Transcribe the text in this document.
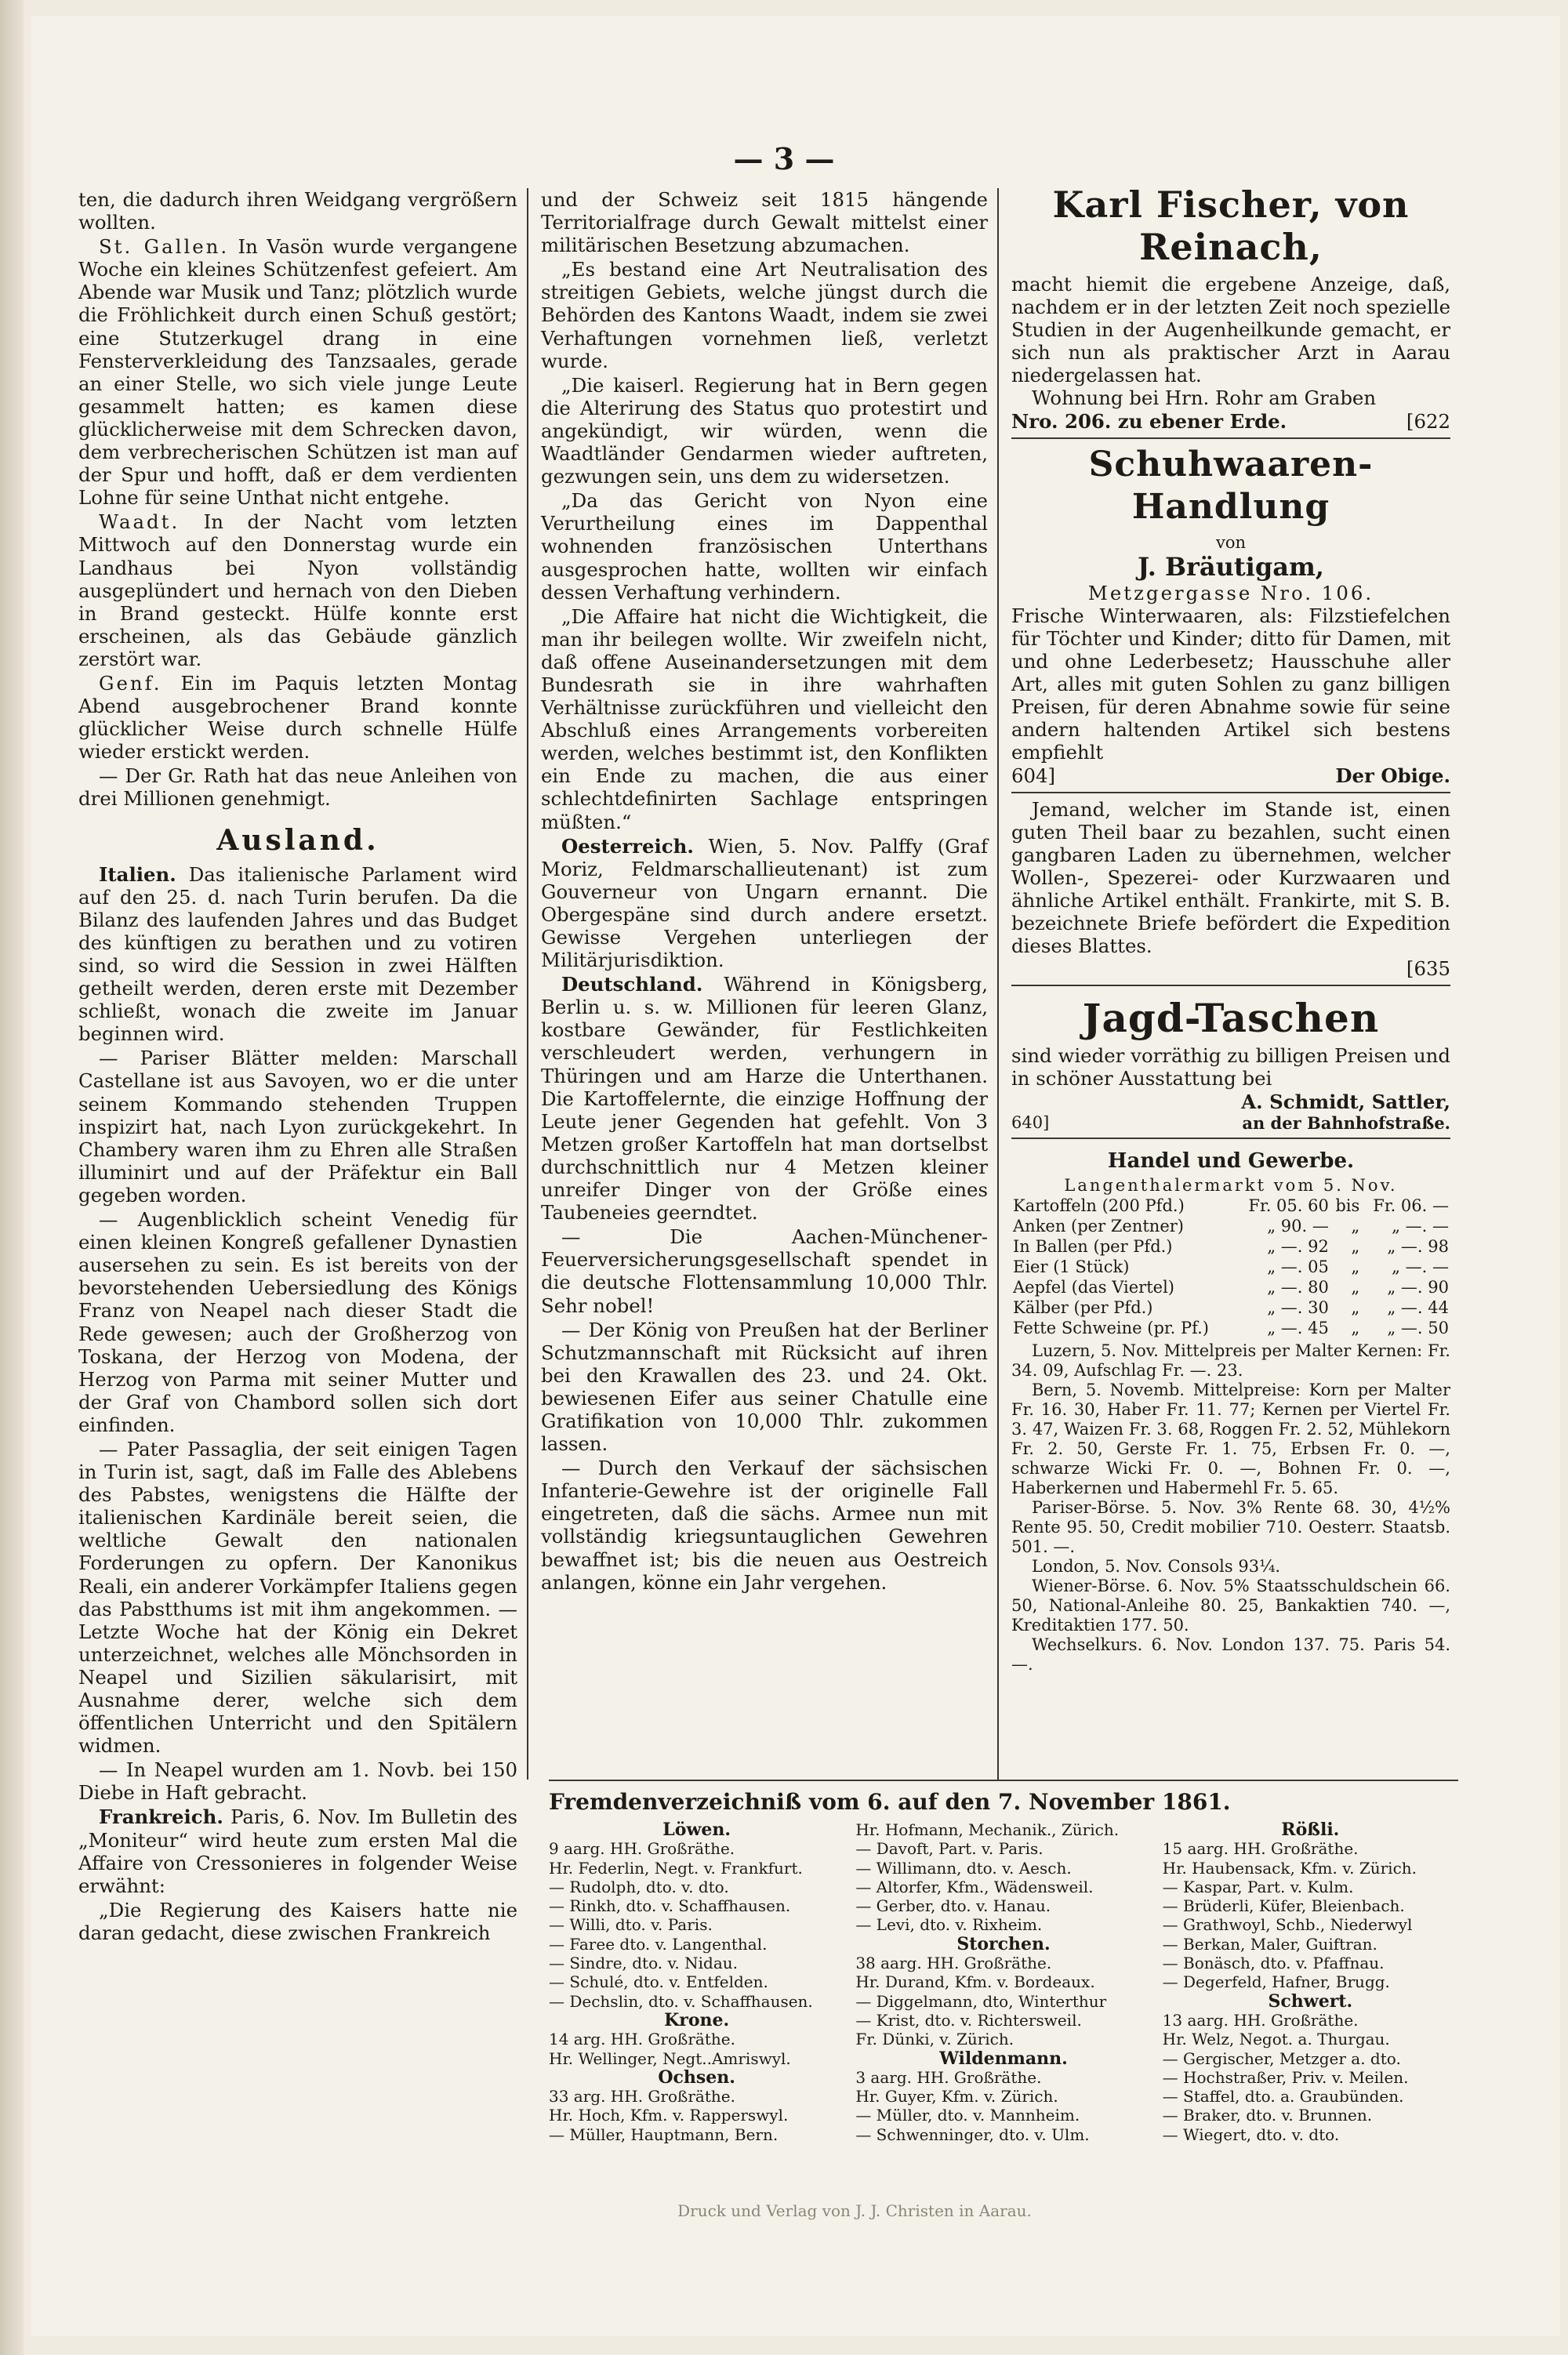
— 3 —

ten, die dadurch ihren Weidgang vergrößern wollten.

St. Gallen. In Vasön wurde vergangene Woche ein kleines Schützenfest gefeiert. Am Abende war Musik und Tanz; plötzlich wurde die Fröhlichkeit durch einen Schuß gestört; eine Stutzerkugel drang in eine Fensterverkleidung des Tanzsaales, gerade an einer Stelle, wo sich viele junge Leute gesammelt hatten; es kamen diese glücklicherweise mit dem Schrecken davon, dem verbrecherischen Schützen ist man auf der Spur und hofft, daß er dem verdienten Lohne für seine Unthat nicht entgehe.

Waadt. In der Nacht vom letzten Mittwoch auf den Donnerstag wurde ein Landhaus bei Nyon vollständig ausgeplündert und hernach von den Dieben in Brand gesteckt. Hülfe konnte erst erscheinen, als das Gebäude gänzlich zerstört war.

Genf. Ein im Paquis letzten Montag Abend ausgebrochener Brand konnte glücklicher Weise durch schnelle Hülfe wieder erstickt werden.

— Der Gr. Rath hat das neue Anleihen von drei Millionen genehmigt.

Ausland.

Italien. Das italienische Parlament wird auf den 25. d. nach Turin berufen. Da die Bilanz des laufenden Jahres und das Budget des künftigen zu berathen und zu votiren sind, so wird die Session in zwei Hälften getheilt werden, deren erste mit Dezember schließt, wonach die zweite im Januar beginnen wird.

— Pariser Blätter melden: Marschall Castellane ist aus Savoyen, wo er die unter seinem Kommando stehenden Truppen inspizirt hat, nach Lyon zurückgekehrt. In Chambery waren ihm zu Ehren alle Straßen illuminirt und auf der Präfektur ein Ball gegeben worden.

— Augenblicklich scheint Venedig für einen kleinen Kongreß gefallener Dynastien ausersehen zu sein. Es ist bereits von der bevorstehenden Uebersiedlung des Königs Franz von Neapel nach dieser Stadt die Rede gewesen; auch der Großherzog von Toskana, der Herzog von Modena, der Herzog von Parma mit seiner Mutter und der Graf von Chambord sollen sich dort einfinden.

— Pater Passaglia, der seit einigen Tagen in Turin ist, sagt, daß im Falle des Ablebens des Pabstes, wenigstens die Hälfte der italienischen Kardinäle bereit seien, die weltliche Gewalt den nationalen Forderungen zu opfern. Der Kanonikus Reali, ein anderer Vorkämpfer Italiens gegen das Pabstthums ist mit ihm angekommen. — Letzte Woche hat der König ein Dekret unterzeichnet, welches alle Mönchsorden in Neapel und Sizilien säkularisirt, mit Ausnahme derer, welche sich dem öffentlichen Unterricht und den Spitälern widmen.

— In Neapel wurden am 1. Novb. bei 150 Diebe in Haft gebracht.

Frankreich. Paris, 6. Nov. Im Bulletin des „Moniteur“ wird heute zum ersten Mal die Affaire von Cressonieres in folgender Weise erwähnt:

„Die Regierung des Kaisers hatte nie daran gedacht, diese zwischen Frankreich

und der Schweiz seit 1815 hängende Territorialfrage durch Gewalt mittelst einer militärischen Besetzung abzumachen.

„Es bestand eine Art Neutralisation des streitigen Gebiets, welche jüngst durch die Behörden des Kantons Waadt, indem sie zwei Verhaftungen vornehmen ließ, verletzt wurde.

„Die kaiserl. Regierung hat in Bern gegen die Alterirung des Status quo protestirt und angekündigt, wir würden, wenn die Waadtländer Gendarmen wieder auftreten, gezwungen sein, uns dem zu widersetzen.

„Da das Gericht von Nyon eine Verurtheilung eines im Dappenthal wohnenden französischen Unterthans ausgesprochen hatte, wollten wir einfach dessen Verhaftung verhindern.

„Die Affaire hat nicht die Wichtigkeit, die man ihr beilegen wollte. Wir zweifeln nicht, daß offene Auseinandersetzungen mit dem Bundesrath sie in ihre wahrhaften Verhältnisse zurückführen und vielleicht den Abschluß eines Arrangements vorbereiten werden, welches bestimmt ist, den Konflikten ein Ende zu machen, die aus einer schlechtdefinirten Sachlage entspringen müßten.“

Oesterreich. Wien, 5. Nov. Palffy (Graf Moriz, Feldmarschallieutenant) ist zum Gouverneur von Ungarn ernannt. Die Obergespäne sind durch andere ersetzt. Gewisse Vergehen unterliegen der Militärjurisdiktion.

Deutschland. Während in Königsberg, Berlin u. s. w. Millionen für leeren Glanz, kostbare Gewänder, für Festlichkeiten verschleudert werden, verhungern in Thüringen und am Harze die Unterthanen. Die Kartoffelernte, die einzige Hoffnung der Leute jener Gegenden hat gefehlt. Von 3 Metzen großer Kartoffeln hat man dortselbst durchschnittlich nur 4 Metzen kleiner unreifer Dinger von der Größe eines Taubeneies geerndtet.

— Die Aachen-Münchener-Feuerversicherungsgesellschaft spendet in die deutsche Flottensammlung 10,000 Thlr. Sehr nobel!

— Der König von Preußen hat der Berliner Schutzmannschaft mit Rücksicht auf ihren bei den Krawallen des 23. und 24. Okt. bewiesenen Eifer aus seiner Chatulle eine Gratifikation von 10,000 Thlr. zukommen lassen.

— Durch den Verkauf der sächsischen Infanterie-Gewehre ist der originelle Fall eingetreten, daß die sächs. Armee nun mit vollständig kriegsuntauglichen Gewehren bewaffnet ist; bis die neuen aus Oestreich anlangen, könne ein Jahr vergehen.

Karl Fischer, von Reinach,
macht hiemit die ergebene Anzeige, daß, nachdem er in der letzten Zeit noch speziellе Studien in der Augenheilkunde gemacht, er sich nun als praktischer Arzt in Aarau niedergelassen hat.
Wohnung bei Hrn. Rohr am Graben
Nro. 206. zu ebener Erde.	[622
Schuhwaaren-Handlung
von
J. Bräutigam,
Metzgergasse Nro. 106.
Frische Winterwaaren, als: Filzstiefelchen für Töchter und Kinder; ditto für Damen, mit und ohne Lederbesetz; Hausschuhe aller Art, alles mit guten Sohlen zu ganz billigen Preisen, für deren Abnahme sowie für seine andern haltenden Artikel sich bestens empfiehlt
604]	Der Obige.
Jemand, welcher im Stande ist, einen guten Theil baar zu bezahlen, sucht einen gangbaren Laden zu übernehmen, welcher Wollen-, Spezerei- oder Kurzwaaren und ähnliche Artikel enthält. Frankirte, mit S. B. bezeichnete Briefe befördert die Expedition dieses Blattes.
[635
Jagd-Taschen
sind wieder vorräthig zu billigen Preisen und in schöner Ausstattung bei
A. Schmidt, Sattler,
640]	an der Bahnhofstraße.
Handel und Gewerbe.
Langenthalermarkt vom 5. Nov.
Kartoffeln (200 Pfd.)	Fr. 05. 60	bis	Fr. 06. —
Anken (per Zentner)	„ 90. —	„	„ —. —
In Ballen (per Pfd.)	„ —. 92	„	„ —. 98
Eier (1 Stück)	„ —. 05	„	„ —. —
Aepfel (das Viertel)	„ —. 80	„	„ —. 90
Kälber (per Pfd.)	„ —. 30	„	„ —. 44
Fette Schweine (pr. Pf.)	„ —. 45	„	„ —. 50
Luzern, 5. Nov. Mittelpreis per Malter Kernen: Fr. 34. 09, Aufschlag Fr. —. 23.
Bern, 5. Novemb. Mittelpreise: Korn per Malter Fr. 16. 30, Haber Fr. 11. 77; Kernen per Viertel Fr. 3. 47, Waizen Fr. 3. 68, Roggen Fr. 2. 52, Mühlekorn Fr. 2. 50, Gerste Fr. 1. 75, Erbsen Fr. 0. —, schwarze Wicki Fr. 0. —, Bohnen Fr. 0. —, Haberkernen und Habermehl Fr. 5. 65.
Pariser-Börse. 5. Nov. 3% Rente 68. 30, 4½% Rente 95. 50, Credit mobilier 710. Oesterr. Staatsb. 501. —.
London, 5. Nov. Consols 93¼.
Wiener-Börse. 6. Nov. 5% Staatsschuldschein 66. 50, National-Anleihe 80. 25, Bankaktien 740. —, Kreditaktien 177. 50.
Wechselkurs. 6. Nov. London 137. 75. Paris 54. —.
Fremdenverzeichniß vom 6. auf den 7. November 1861.
Löwen.
9 aarg. HH. Großräthe.
Hr. Federlin, Negt. v. Frankfurt.
— Rudolph, dto. v. dto.
— Rinkh, dto. v. Schaffhausen.
— Willi, dto. v. Paris.
— Faree dto. v. Langenthal.
— Sindre, dto. v. Nidau.
— Schulé, dto. v. Entfelden.
— Dechslin, dto. v. Schaffhausen.
Krone.
14 arg. HH. Großräthe.
Hr. Wellinger, Negt..Amriswyl.
Ochsen.
33 arg. HH. Großräthe.
Hr. Hoch, Kfm. v. Rapperswyl.
— Müller, Hauptmann, Bern.
Hr. Hofmann, Mechanik., Zürich.
— Davoft, Part. v. Paris.
— Willimann, dto. v. Aesch.
— Altorfer, Kfm., Wädensweil.
— Gerber, dto. v. Hanau.
— Levi, dto. v. Rixheim.
Storchen.
38 aarg. HH. Großräthe.
Hr. Durand, Kfm. v. Bordeaux.
— Diggelmann, dto, Winterthur
— Krist, dto. v. Richtersweil.
Fr. Dünki, v. Zürich.
Wildenmann.
3 aarg. HH. Großräthe.
Hr. Guyer, Kfm. v. Zürich.
— Müller, dto. v. Mannheim.
— Schwenninger, dto. v. Ulm.
Rößli.
15 aarg. HH. Großräthe.
Hr. Haubensack, Kfm. v. Zürich.
— Kaspar, Part. v. Kulm.
— Brüderli, Küfer, Bleienbach.
— Grathwoyl, Schb., Niederwyl
— Berkan, Maler, Guiftran.
— Bonäsch, dto. v. Pfaffnau.
— Degerfeld, Hafner, Brugg.
Schwert.
13 aarg. HH. Großräthe.
Hr. Welz, Negot. a. Thurgau.
— Gergischer, Metzger a. dto.
— Hochstraßer, Priv. v. Meilen.
— Staffel, dto. a. Graubünden.
— Braker, dto. v. Brunnen.
— Wiegert, dto. v. dto.
Druck und Verlag von J. J. Christen in Aarau.
